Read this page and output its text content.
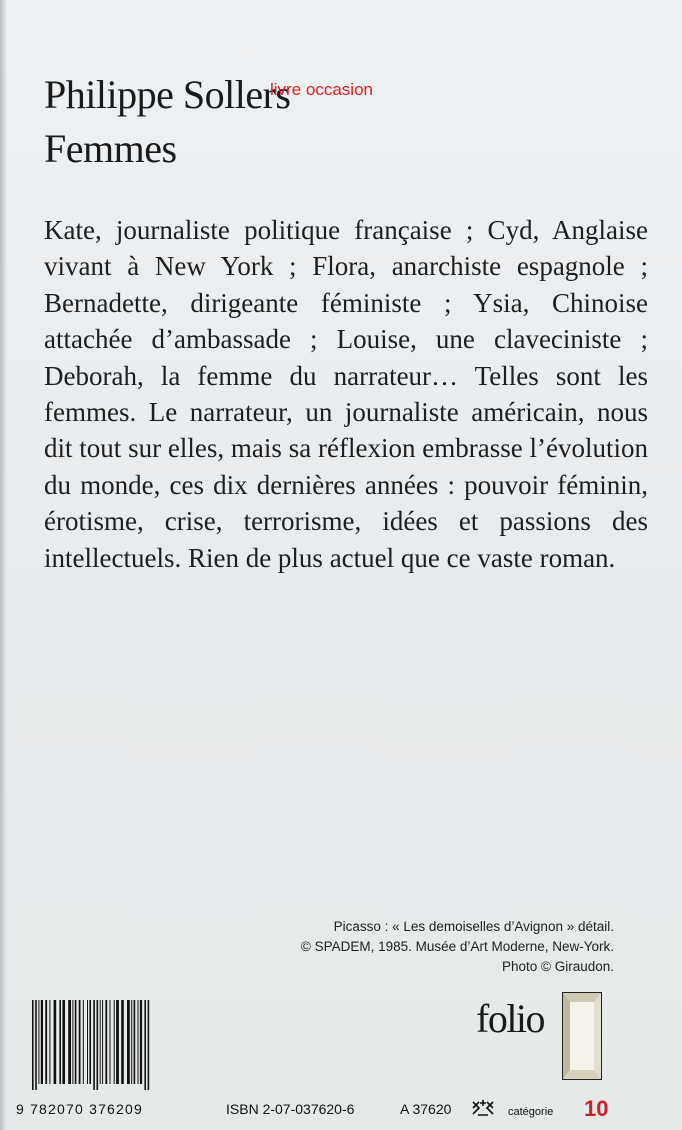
Philippe Sollers
livre occasion
Femmes
Kate, journaliste politique française ; Cyd, Anglaise vivant à New York ; Flora, anarchiste espagnole ; Bernadette, dirigeante féministe ; Ysia, Chinoise attachée d’ambassade ; Louise, une claveciniste ; Deborah, la femme du narrateur… Telles sont les femmes. Le narrateur, un journaliste américain, nous dit tout sur elles, mais sa réflexion embrasse l’évolution du monde, ces dix dernières années : pouvoir féminin, érotisme, crise, terrorisme, idées et passions des intellectuels. Rien de plus actuel que ce vaste roman.
Picasso : « Les demoiselles d’Avignon » détail.
© SPADEM, 1985. Musée d’Art Moderne, New-York.
Photo © Giraudon.
folio
9 782070 376209	ISBN 2-07-037620-6	A 37620	catégorie 10
